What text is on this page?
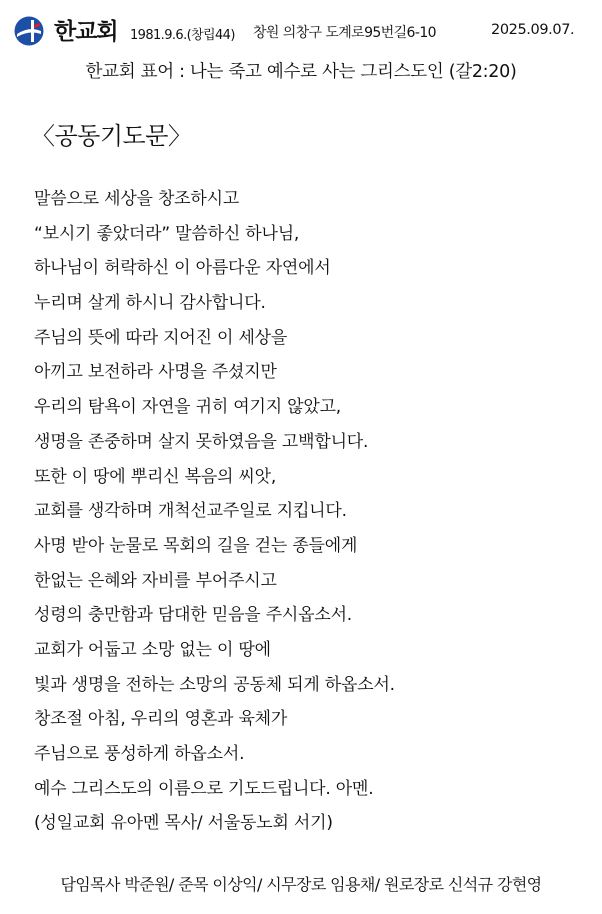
한교회 1981.9.6.(창립44) 창원 의창구 도계로95번길6-10	2025.09.07.
한교회 표어 : 나는 죽고 예수로 사는 그리스도인 (갈2:20)
〈공동기도문〉
말씀으로 세상을 창조하시고
“보시기 좋았더라” 말씀하신 하나님,
하나님이 허락하신 이 아름다운 자연에서
누리며 살게 하시니 감사합니다.
주님의 뜻에 따라 지어진 이 세상을
아끼고 보전하라 사명을 주셨지만
우리의 탐욕이 자연을 귀히 여기지 않았고,
생명을 존중하며 살지 못하였음을 고백합니다.
또한 이 땅에 뿌리신 복음의 씨앗,
교회를 생각하며 개척선교주일로 지킵니다.
사명 받아 눈물로 목회의 길을 걷는 종들에게
한없는 은혜와 자비를 부어주시고
성령의 충만함과 담대한 믿음을 주시옵소서.
교회가 어둡고 소망 없는 이 땅에
빛과 생명을 전하는 소망의 공동체 되게 하옵소서.
창조절 아침, 우리의 영혼과 육체가
주님으로 풍성하게 하옵소서.
예수 그리스도의 이름으로 기도드립니다. 아멘.
(성일교회 유아멘 목사/ 서울동노회 서기)
담임목사 박준원/ 준목 이상익/ 시무장로 임용채/ 원로장로 신석규 강현영
